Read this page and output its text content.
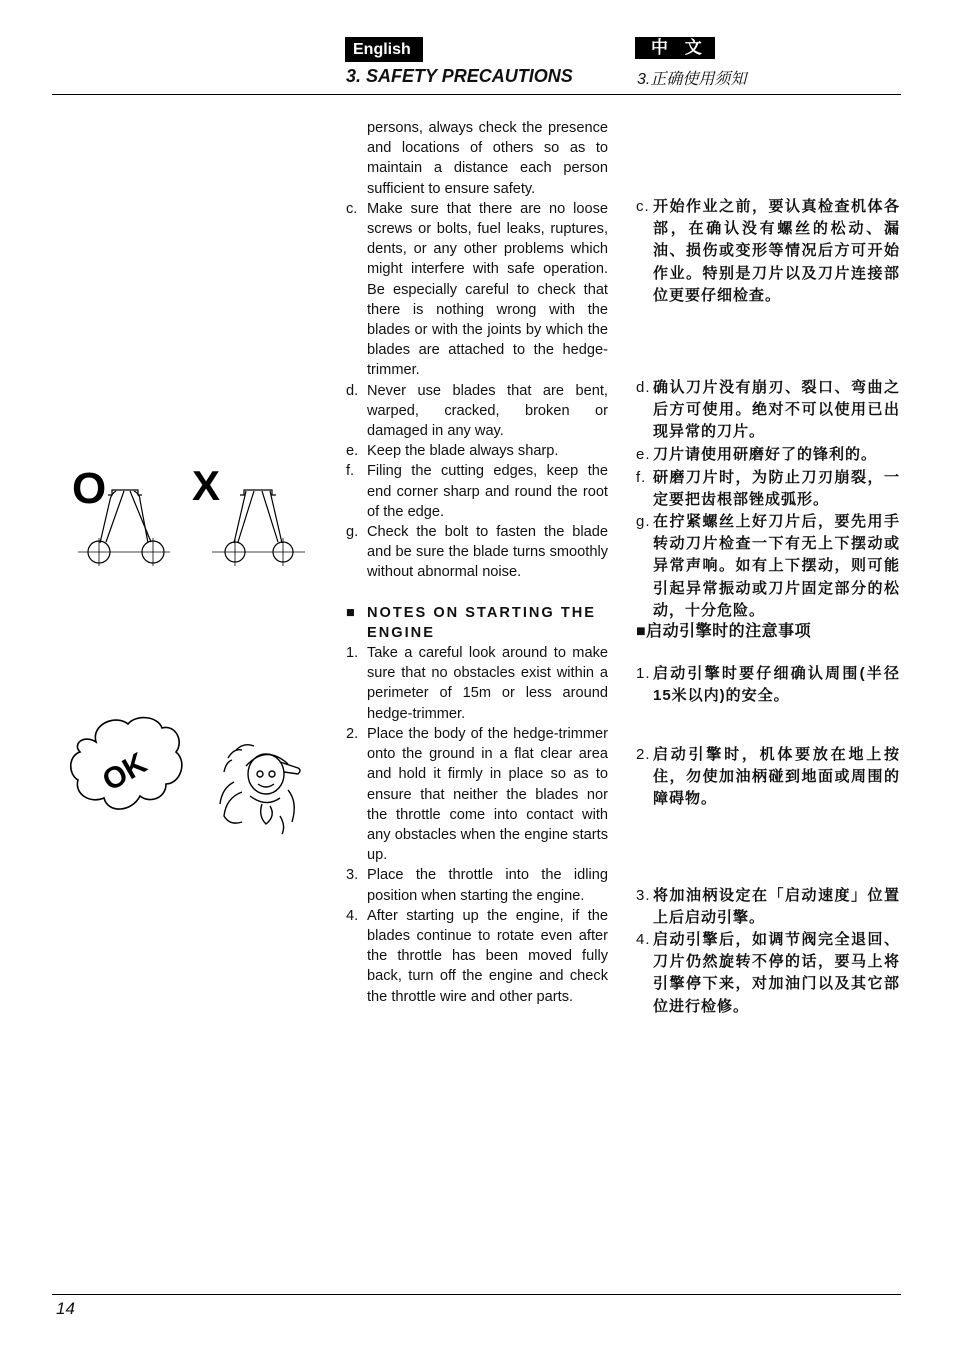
English	中 文
3. SAFETY PRECAUTIONS	3.正确使用须知
O X
OK
persons, always check the presence and locations of others so as to maintain a distance each person sufficient to ensure safety.
c. Make sure that there are no loose screws or bolts, fuel leaks, ruptures, dents, or any other problems which might interfere with safe operation. Be especially careful to check that there is nothing wrong with the blades or with the joints by which the blades are attached to the hedge-trimmer.
d. Never use blades that are bent, warped, cracked, broken or damaged in any way.
e. Keep the blade always sharp.
f. Filing the cutting edges, keep the end corner sharp and round the root of the edge.
g. Check the bolt to fasten the blade and be sure the blade turns smoothly without abnormal noise.
■ NOTES ON STARTING THE ENGINE
1. Take a careful look around to make sure that no obstacles exist within a perimeter of 15m or less around hedge-trimmer.
2. Place the body of the hedge-trimmer onto the ground in a flat clear area and hold it firmly in place so as to ensure that neither the blades nor the throttle come into contact with any obstacles when the engine starts up.
3. Place the throttle into the idling position when starting the engine.
4. After starting up the engine, if the blades continue to rotate even after the throttle has been moved fully back, turn off the engine and check the throttle wire and other parts.
c. 开始作业之前，要认真检查机体各部，在确认没有螺丝的松动、漏油、损伤或变形等情况后方可开始作业。特别是刀片以及刀片连接部位更要仔细检查。
d. 确认刀片没有崩刃、裂口、弯曲之后方可使用。绝对不可以使用已出现异常的刀片。
e. 刀片请使用研磨好了的锋利的。
f. 研磨刀片时，为防止刀刃崩裂，一定要把齿根部锉成弧形。
g. 在拧紧螺丝上好刀片后，要先用手转动刀片检查一下有无上下摆动或异常声响。如有上下摆动，则可能引起异常振动或刀片固定部分的松动，十分危险。
■启动引擎时的注意事项
1. 启动引擎时要仔细确认周围(半径15米以内)的安全。
2. 启动引擎时，机体要放在地上按住，勿使加油柄碰到地面或周围的障碍物。
3. 将加油柄设定在「启动速度」位置上后启动引擎。
4. 启动引擎后，如调节阀完全退回、刀片仍然旋转不停的话，要马上将引擎停下来，对加油门以及其它部位进行检修。
14
